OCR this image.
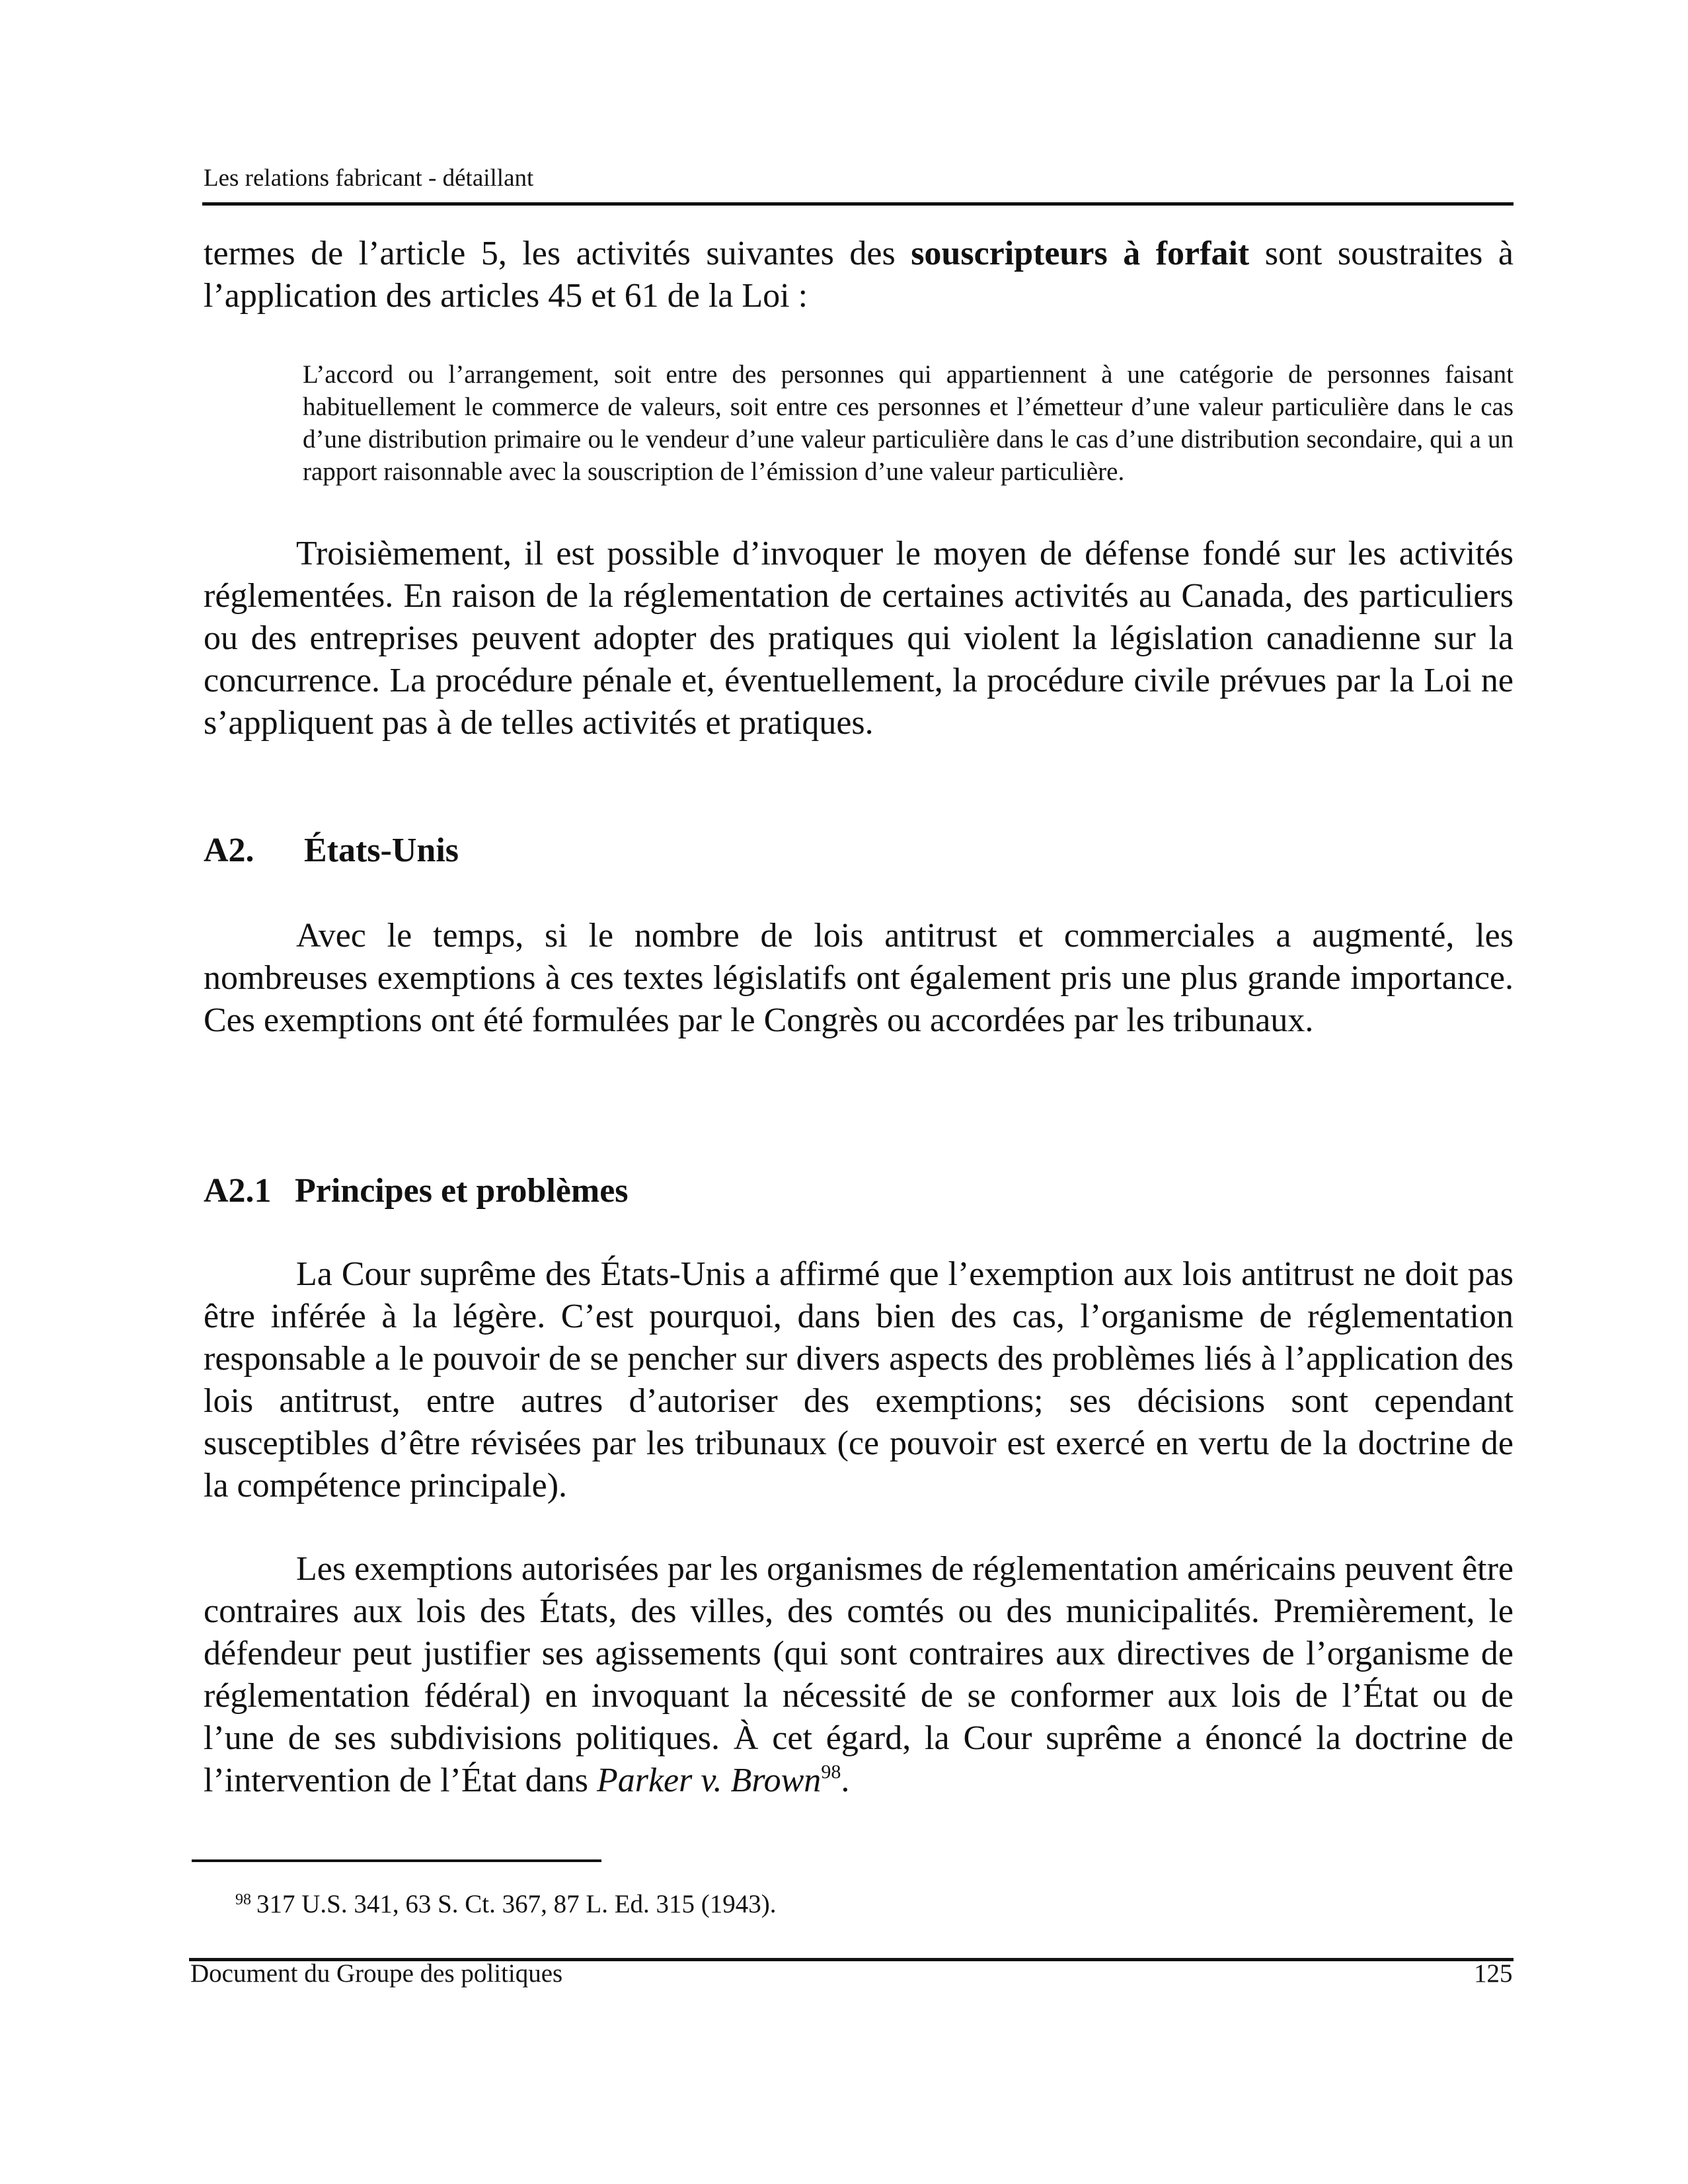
Les relations fabricant - détaillant

termes de l’article 5, les activités suivantes des souscripteurs à forfait sont soustraites à l’application des articles 45 et 61 de la Loi :

L’accord ou l’arrangement, soit entre des personnes qui appartiennent à une catégorie de personnes faisant habituellement le commerce de valeurs, soit entre ces personnes et l’émetteur d’une valeur particulière dans le cas d’une distribution primaire ou le vendeur d’une valeur particulière dans le cas d’une distribution secondaire, qui a un rapport raisonnable avec la souscription de l’émission d’une valeur particulière.

Troisièmement, il est possible d’invoquer le moyen de défense fondé sur les activités réglementées. En raison de la réglementation de certaines activités au Canada, des particuliers ou des entreprises peuvent adopter des pratiques qui violent la législation canadienne sur la concurrence. La procédure pénale et, éventuellement, la procédure civile prévues par la Loi ne s’appliquent pas à de telles activités et pratiques.

A2. États-Unis

Avec le temps, si le nombre de lois antitrust et commerciales a augmenté, les nombreuses exemptions à ces textes législatifs ont également pris une plus grande importance. Ces exemptions ont été formulées par le Congrès ou accordées par les tribunaux.

A2.1 Principes et problèmes

La Cour suprême des États-Unis a affirmé que l’exemption aux lois antitrust ne doit pas être inférée à la légère. C’est pourquoi, dans bien des cas, l’organisme de réglementation responsable a le pouvoir de se pencher sur divers aspects des problèmes liés à l’application des lois antitrust, entre autres d’autoriser des exemptions; ses décisions sont cependant susceptibles d’être révisées par les tribunaux (ce pouvoir est exercé en vertu de la doctrine de la compétence principale).

Les exemptions autorisées par les organismes de réglementation américains peuvent être contraires aux lois des États, des villes, des comtés ou des municipalités. Premièrement, le défendeur peut justifier ses agissements (qui sont contraires aux directives de l’organisme de réglementation fédéral) en invoquant la nécessité de se conformer aux lois de l’État ou de l’une de ses subdivisions politiques. À cet égard, la Cour suprême a énoncé la doctrine de l’intervention de l’État dans Parker v. Brown$^{98}$.

$^{98}$ 317 U.S. 341, 63 S. Ct. 367, 87 L. Ed. 315 (1943).

Document du Groupe des politiques	125
